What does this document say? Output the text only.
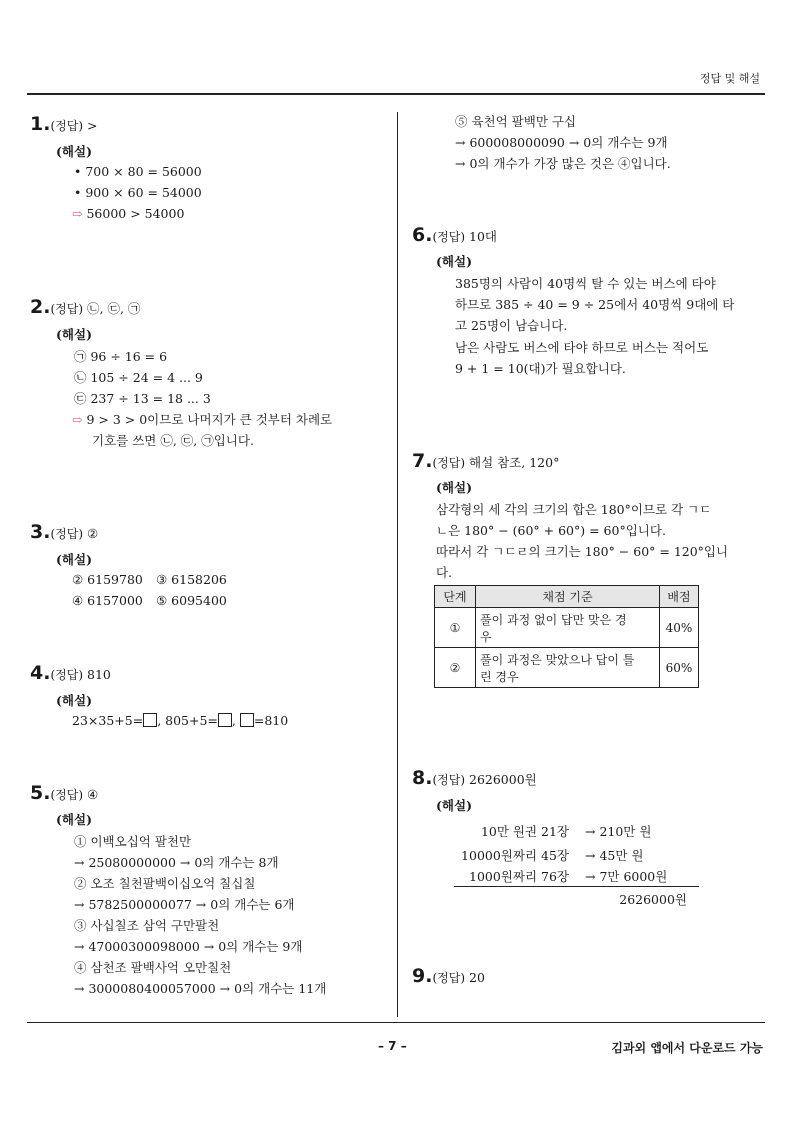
정답 및 해설
1.(정답) >
(해설)
• 700 × 80 = 56000
• 900 × 60 = 54000
⇨ 56000 > 54000
2.(정답) ㉡, ㉢, ㉠
(해설)
㉠ 96 ÷ 16 = 6
㉡ 105 ÷ 24 = 4 ... 9
㉢ 237 ÷ 13 = 18 ... 3
⇨ 9 > 3 > 0이므로 나머지가 큰 것부터 차례로
기호를 쓰면 ㉡, ㉢, ㉠입니다.
3.(정답) ②
(해설)
② 6159780 ③ 6158206
④ 6157000 ⑤ 6095400
4.(정답) 810
(해설)
23×35+5= , 805+5= , =810
5.(정답) ④
(해설)
① 이백오십억 팔천만
→ 25080000000 → 0의 개수는 8개
② 오조 칠천팔백이십오억 칠십칠
→ 5782500000077 → 0의 개수는 6개
③ 사십칠조 삼억 구만팔천
→ 47000300098000 → 0의 개수는 9개
④ 삼천조 팔백사억 오만칠천
→ 3000080400057000 → 0의 개수는 11개
⑤ 육천억 팔백만 구십
→ 600008000090 → 0의 개수는 9개
→ 0의 개수가 가장 많은 것은 ④입니다.
6.(정답) 10대
(해설)
385명의 사람이 40명씩 탈 수 있는 버스에 타야
하므로 385 ÷ 40 = 9 ÷ 25에서 40명씩 9대에 타
고 25명이 남습니다.
남은 사람도 버스에 타야 하므로 버스는 적어도
9 + 1 = 10(대)가 필요합니다.
7.(정답) 해설 참조, 120°
(해설)
삼각형의 세 각의 크기의 합은 180°이므로 각 ㄱㄷ
ㄴ은 180° − (60° + 60°) = 60°입니다.
따라서 각 ㄱㄷㄹ의 크기는 180° − 60° = 120°입니
다.
단계	채점 기준	배점
①	풀이 과정 없이 답만 맞은 경
우	40%
②	풀이 과정은 맞았으나 답이 틀
린 경우	60%
8.(정답) 2626000원
(해설)
10만 원권 21장 → 210만 원
10000원짜리 45장 → 45만 원
1000원짜리 76장 → 7만 6000원
2626000원
9.(정답) 20
– 7 –	김과외 앱에서 다운로드 가능
